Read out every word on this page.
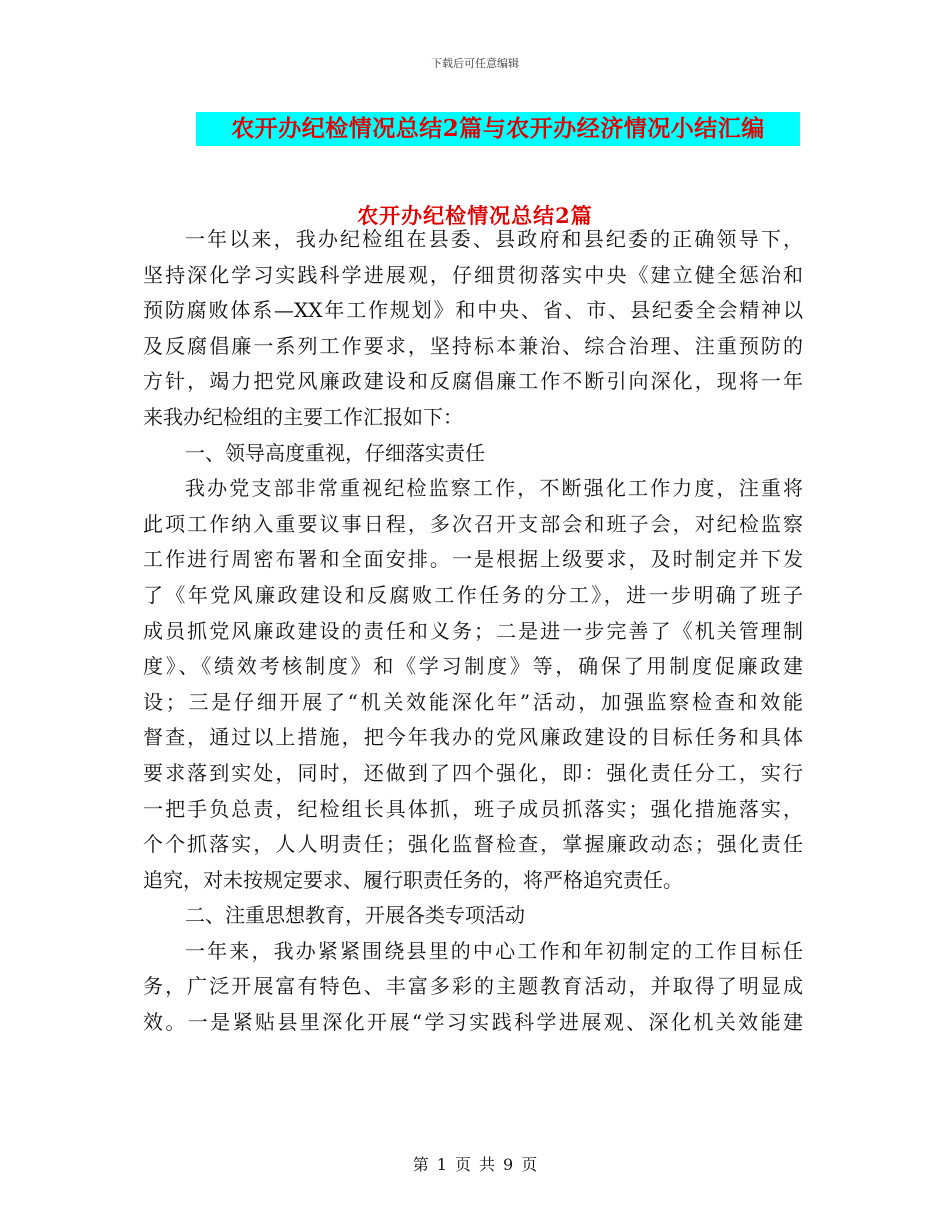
下载后可任意编辑
农开办纪检情况总结2篇与农开办经济情况小结汇编
农开办纪检情况总结2篇
一年以来，我办纪检组在县委、县政府和县纪委的正确领导下，
坚持深化学习实践科学进展观，仔细贯彻落实中央《建立健全惩治和
预防腐败体系—XX年工作规划》和中央、省、市、县纪委全会精神以
及反腐倡廉一系列工作要求，坚持标本兼治、综合治理、注重预防的
方针，竭力把党风廉政建设和反腐倡廉工作不断引向深化，现将一年
来我办纪检组的主要工作汇报如下：
一、领导高度重视，仔细落实责任
我办党支部非常重视纪检监察工作，不断强化工作力度，注重将
此项工作纳入重要议事日程，多次召开支部会和班子会，对纪检监察
工作进行周密布署和全面安排。一是根据上级要求，及时制定并下发
了《年党风廉政建设和反腐败工作任务的分工》，进一步明确了班子
成员抓党风廉政建设的责任和义务；二是进一步完善了《机关管理制
度》、《绩效考核制度》和《学习制度》等，确保了用制度促廉政建
设；三是仔细开展了“机关效能深化年”活动，加强监察检查和效能
督查，通过以上措施，把今年我办的党风廉政建设的目标任务和具体
要求落到实处，同时，还做到了四个强化，即：强化责任分工，实行
一把手负总责，纪检组长具体抓，班子成员抓落实；强化措施落实，
个个抓落实，人人明责任；强化监督检查，掌握廉政动态；强化责任
追究，对未按规定要求、履行职责任务的，将严格追究责任。
二、注重思想教育，开展各类专项活动
一年来，我办紧紧围绕县里的中心工作和年初制定的工作目标任
务，广泛开展富有特色、丰富多彩的主题教育活动，并取得了明显成
效。一是紧贴县里深化开展“学习实践科学进展观、深化机关效能建
第 1 页 共 9 页
